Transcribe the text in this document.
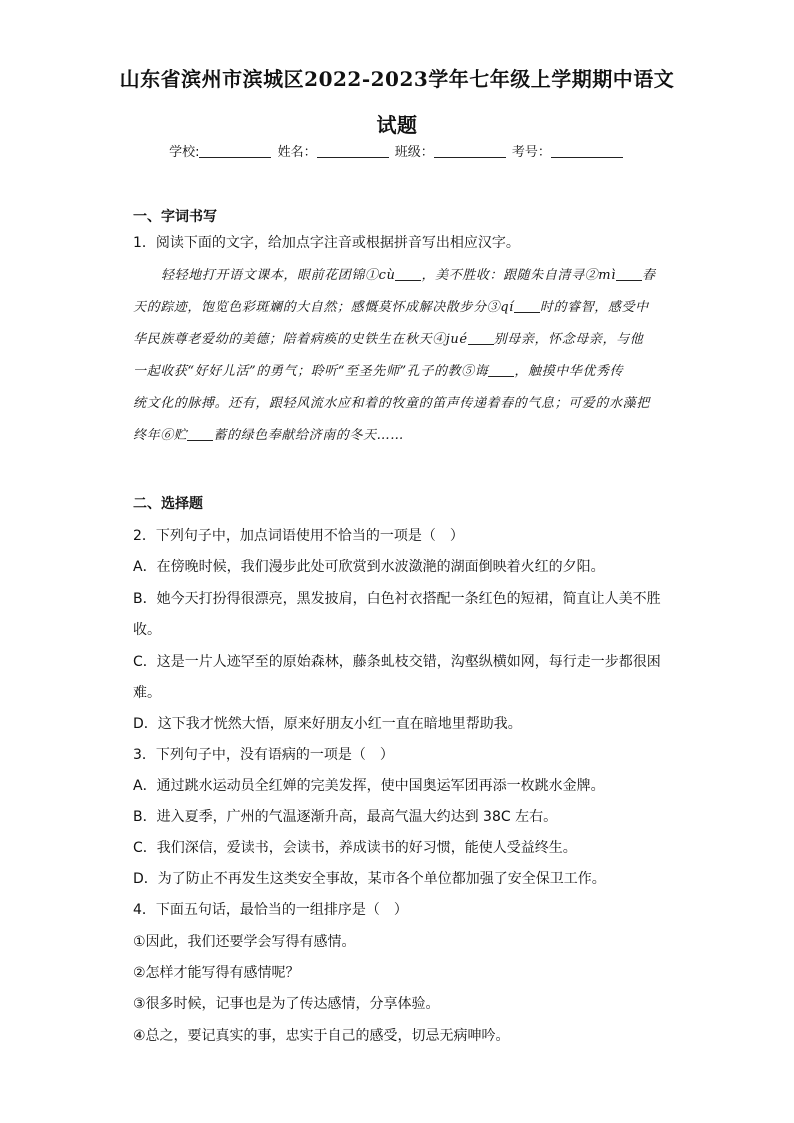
山东省滨州市滨城区2022-2023学年七年级上学期期中语文
试题
学校:	姓名：	班级：	考号：
一、字词书写
1．阅读下面的文字，给加点字注音或根据拼音写出相应汉字。
轻轻地打开语文课本，眼前花团锦①cù ，美不胜收：跟随朱自清寻②mì 春
天的踪迹，饱览色彩斑斓的大自然；感慨莫怀成解决散步分③qí 时的睿智，感受中
华民族尊老爱幼的美德；陪着病痪的史铁生在秋天④jué 别母亲，怀念母亲，与他
一起收获“好好儿活”的勇气；聆听“至圣先师”孔子的教⑤诲 ，触摸中华优秀传
统文化的脉搏。还有，跟轻风流水应和着的牧童的笛声传递着春的气息；可爱的水藻把
终年⑥贮 蓄的绿色奉献给济南的冬天……
二、选择题
2．下列句子中，加点词语使用不恰当的一项是（　）
A．在傍晚时候，我们漫步此处可欣赏到水波潋滟的湖面倒映着火红的夕阳。
B．她今天打扮得很漂亮，黑发披肩，白色衬衣搭配一条红色的短裙，简直让人美不胜
收。
C．这是一片人迹罕至的原始森林，藤条虬枝交错，沟壑纵横如网，每行走一步都很困
难。
D．这下我才恍然大悟，原来好朋友小红一直在暗地里帮助我。
3．下列句子中，没有语病的一项是（　）
A．通过跳水运动员全红婵的完美发挥，使中国奥运军团再添一枚跳水金牌。
B．进入夏季，广州的气温逐渐升高，最高气温大约达到 38C 左右。
C．我们深信，爱读书，会读书，养成读书的好习惯，能使人受益终生。
D．为了防止不再发生这类安全事故，某市各个单位都加强了安全保卫工作。
4．下面五句话，最恰当的一组排序是（　）
①因此，我们还要学会写得有感情。
②怎样才能写得有感情呢？
③很多时候，记事也是为了传达感情，分享体验。
④总之，要记真实的事，忠实于自己的感受，切忌无病呻吟。
